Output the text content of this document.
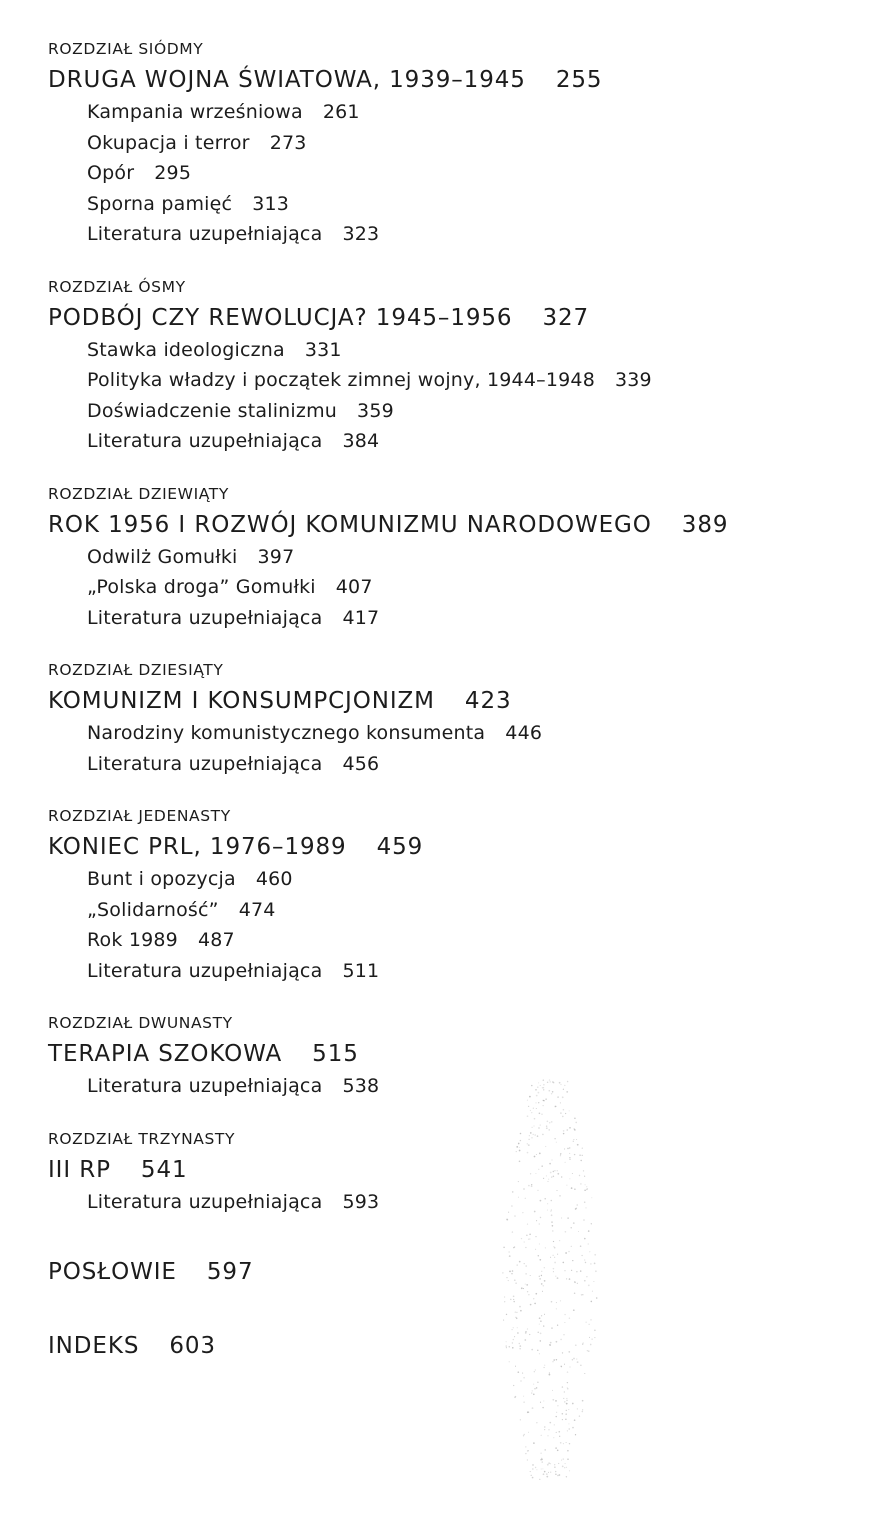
ROZDZIAŁ SIÓDMY
DRUGA WOJNA ŚWIATOWA, 1939–1945 255
Kampania wrześniowa 261
Okupacja i terror 273
Opór 295
Sporna pamięć 313
Literatura uzupełniająca 323
ROZDZIAŁ ÓSMY
PODBÓJ CZY REWOLUCJA? 1945–1956 327
Stawka ideologiczna 331
Polityka władzy i początek zimnej wojny, 1944–1948 339
Doświadczenie stalinizmu 359
Literatura uzupełniająca 384
ROZDZIAŁ DZIEWIĄTY
ROK 1956 I ROZWÓJ KOMUNIZMU NARODOWEGO 389
Odwilż Gomułki 397
„Polska droga” Gomułki 407
Literatura uzupełniająca 417
ROZDZIAŁ DZIESIĄTY
KOMUNIZM I KONSUMPCJONIZM 423
Narodziny komunistycznego konsumenta 446
Literatura uzupełniająca 456
ROZDZIAŁ JEDENASTY
KONIEC PRL, 1976–1989 459
Bunt i opozycja 460
„Solidarność” 474
Rok 1989 487
Literatura uzupełniająca 511
ROZDZIAŁ DWUNASTY
TERAPIA SZOKOWA 515
Literatura uzupełniająca 538
ROZDZIAŁ TRZYNASTY
III RP 541
Literatura uzupełniająca 593
POSŁOWIE 597
INDEKS 603
